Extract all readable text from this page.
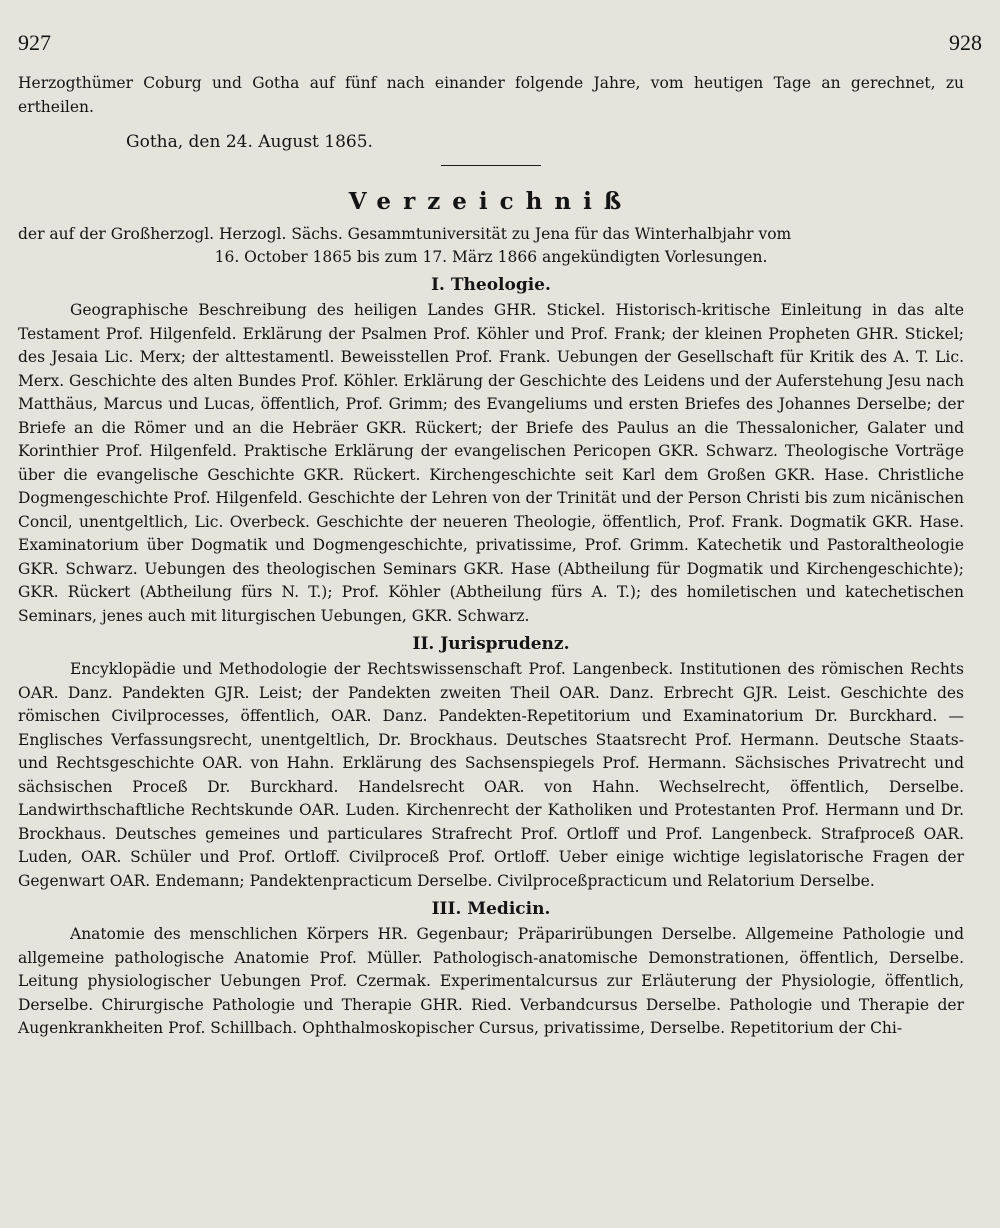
927	928

Herzogthümer Coburg und Gotha auf fünf nach einander folgende Jahre, vom heutigen Tage an gerechnet, zu ertheilen.

Gotha, den 24. August 1865.

Verzeichniß
der auf der Großherzogl. Herzogl. Sächs. Gesammtuniversität zu Jena für das Winterhalbjahr vom
16. October 1865 bis zum 17. März 1866 angekündigten Vorlesungen.
I. Theologie.

Geographische Beschreibung des heiligen Landes GHR. Stickel. Historisch-kritische Einleitung in das alte Testament Prof. Hilgenfeld. Erklärung der Psalmen Prof. Köhler und Prof. Frank; der kleinen Propheten GHR. Stickel; des Jesaia Lic. Merx; der alttestamentl. Beweisstellen Prof. Frank. Uebungen der Gesellschaft für Kritik des A. T. Lic. Merx. Geschichte des alten Bundes Prof. Köhler. Erklärung der Geschichte des Leidens und der Auferstehung Jesu nach Matthäus, Marcus und Lucas, öffentlich, Prof. Grimm; des Evangeliums und ersten Briefes des Johannes Derselbe; der Briefe an die Römer und an die Hebräer GKR. Rückert; der Briefe des Paulus an die Thessalonicher, Galater und Korinthier Prof. Hilgenfeld. Praktische Erklärung der evangelischen Pericopen GKR. Schwarz. Theologische Vorträge über die evangelische Geschichte GKR. Rückert. Kirchengeschichte seit Karl dem Großen GKR. Hase. Christliche Dogmengeschichte Prof. Hilgenfeld. Geschichte der Lehren von der Trinität und der Person Christi bis zum nicänischen Concil, unentgeltlich, Lic. Overbeck. Geschichte der neueren Theologie, öffentlich, Prof. Frank. Dogmatik GKR. Hase. Examinatorium über Dogmatik und Dogmengeschichte, privatissime, Prof. Grimm. Katechetik und Pastoraltheologie GKR. Schwarz. Uebungen des theologischen Seminars GKR. Hase (Abtheilung für Dogmatik und Kirchengeschichte); GKR. Rückert (Abtheilung fürs N. T.); Prof. Köhler (Abtheilung fürs A. T.); des homiletischen und katechetischen Seminars, jenes auch mit liturgischen Uebungen, GKR. Schwarz.

II. Jurisprudenz.

Encyklopädie und Methodologie der Rechtswissenschaft Prof. Langenbeck. Institutionen des römischen Rechts OAR. Danz. Pandekten GJR. Leist; der Pandekten zweiten Theil OAR. Danz. Erbrecht GJR. Leist. Geschichte des römischen Civilprocesses, öffentlich, OAR. Danz. Pandekten-Repetitorium und Examinatorium Dr. Burckhard. — Englisches Verfassungsrecht, unentgeltlich, Dr. Brockhaus. Deutsches Staatsrecht Prof. Hermann. Deutsche Staats- und Rechtsgeschichte OAR. von Hahn. Erklärung des Sachsenspiegels Prof. Hermann. Sächsisches Privatrecht und sächsischen Proceß Dr. Burckhard. Handelsrecht OAR. von Hahn. Wechselrecht, öffentlich, Derselbe. Landwirthschaftliche Rechtskunde OAR. Luden. Kirchenrecht der Katholiken und Protestanten Prof. Hermann und Dr. Brockhaus. Deutsches gemeines und particulares Strafrecht Prof. Ortloff und Prof. Langenbeck. Strafproceß OAR. Luden, OAR. Schüler und Prof. Ortloff. Civilproceß Prof. Ortloff. Ueber einige wichtige legislatorische Fragen der Gegenwart OAR. Endemann; Pandektenpracticum Derselbe. Civilproceßpracticum und Relatorium Derselbe.

III. Medicin.

Anatomie des menschlichen Körpers HR. Gegenbaur; Präparirübungen Derselbe. Allgemeine Pathologie und allgemeine pathologische Anatomie Prof. Müller. Pathologisch-anatomische Demonstrationen, öffentlich, Derselbe. Leitung physiologischer Uebungen Prof. Czermak. Experimentalcursus zur Erläuterung der Physiologie, öffentlich, Derselbe. Chirurgische Pathologie und Therapie GHR. Ried. Verbandcursus Derselbe. Pathologie und Therapie der Augenkrankheiten Prof. Schillbach. Ophthalmoskopischer Cursus, privatissime, Derselbe. Repetitorium der Chi-
